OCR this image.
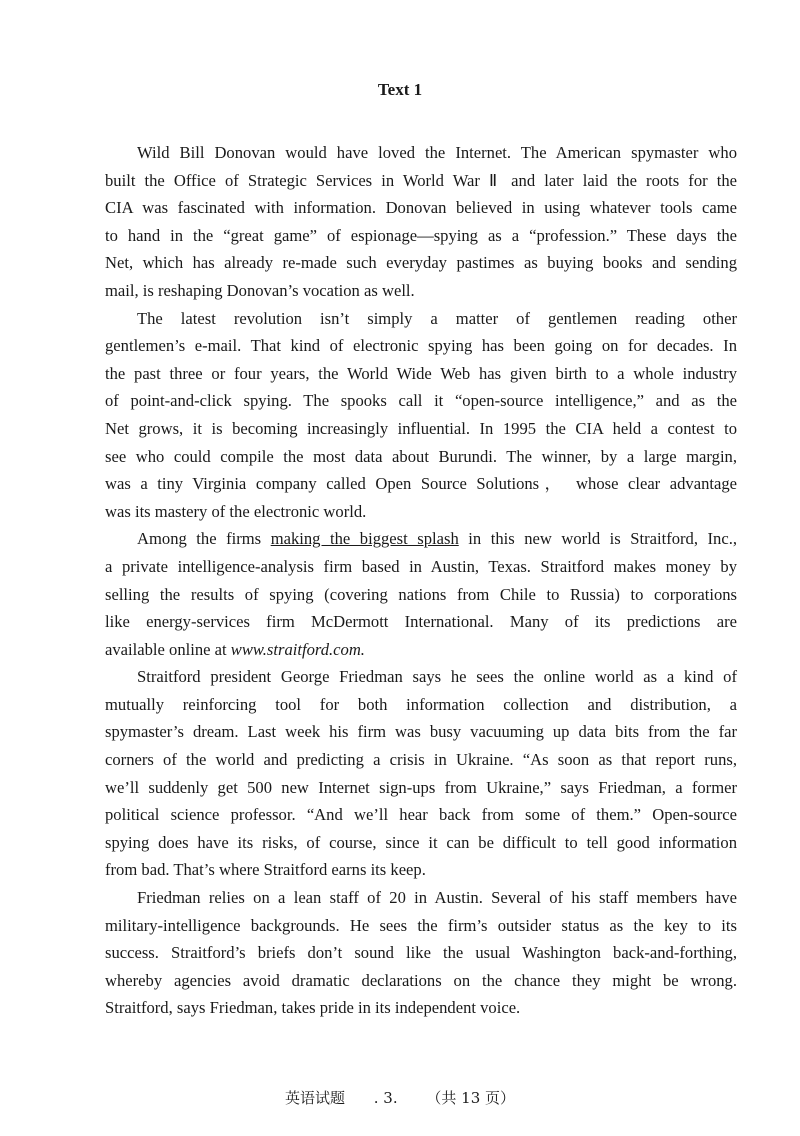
Text 1
Wild Bill Donovan would have loved the Internet. The American spymaster who
built the Office of Strategic Services in World War Ⅱ and later laid the roots for the
CIA was fascinated with information. Donovan believed in using whatever tools came
to hand in the “great game” of espionage—spying as a “profession.” These days the
Net, which has already re-made such everyday pastimes as buying books and sending
mail, is reshaping Donovan’s vocation as well.
The latest revolution isn’t simply a matter of gentlemen reading other
gentlemen’s e-mail. That kind of electronic spying has been going on for decades. In
the past three or four years, the World Wide Web has given birth to a whole industry
of point-and-click spying. The spooks call it “open-source intelligence,” and as the
Net grows, it is becoming increasingly influential. In 1995 the CIA held a contest to
see who could compile the most data about Burundi. The winner, by a large margin,
was a tiny Virginia company called Open Source Solutions， whose clear advantage
was its mastery of the electronic world.
Among the firms making the biggest splash in this new world is Straitford, Inc.,
a private intelligence-analysis firm based in Austin, Texas. Straitford makes money by
selling the results of spying (covering nations from Chile to Russia) to corporations
like energy-services firm McDermott International. Many of its predictions are
available online at www.straitford.com.
Straitford president George Friedman says he sees the online world as a kind of
mutually reinforcing tool for both information collection and distribution, a
spymaster’s dream. Last week his firm was busy vacuuming up data bits from the far
corners of the world and predicting a crisis in Ukraine. “As soon as that report runs,
we’ll suddenly get 500 new Internet sign-ups from Ukraine,” says Friedman, a former
political science professor. “And we’ll hear back from some of them.” Open-source
spying does have its risks, of course, since it can be difficult to tell good information
from bad. That’s where Straitford earns its keep.
Friedman relies on a lean staff of 20 in Austin. Several of his staff members have
military-intelligence backgrounds. He sees the firm’s outsider status as the key to its
success. Straitford’s briefs don’t sound like the usual Washington back-and-forthing,
whereby agencies avoid dramatic declarations on the chance they might be wrong.
Straitford, says Friedman, takes pride in its independent voice.
英语试题 . 3. （共 13 页）
